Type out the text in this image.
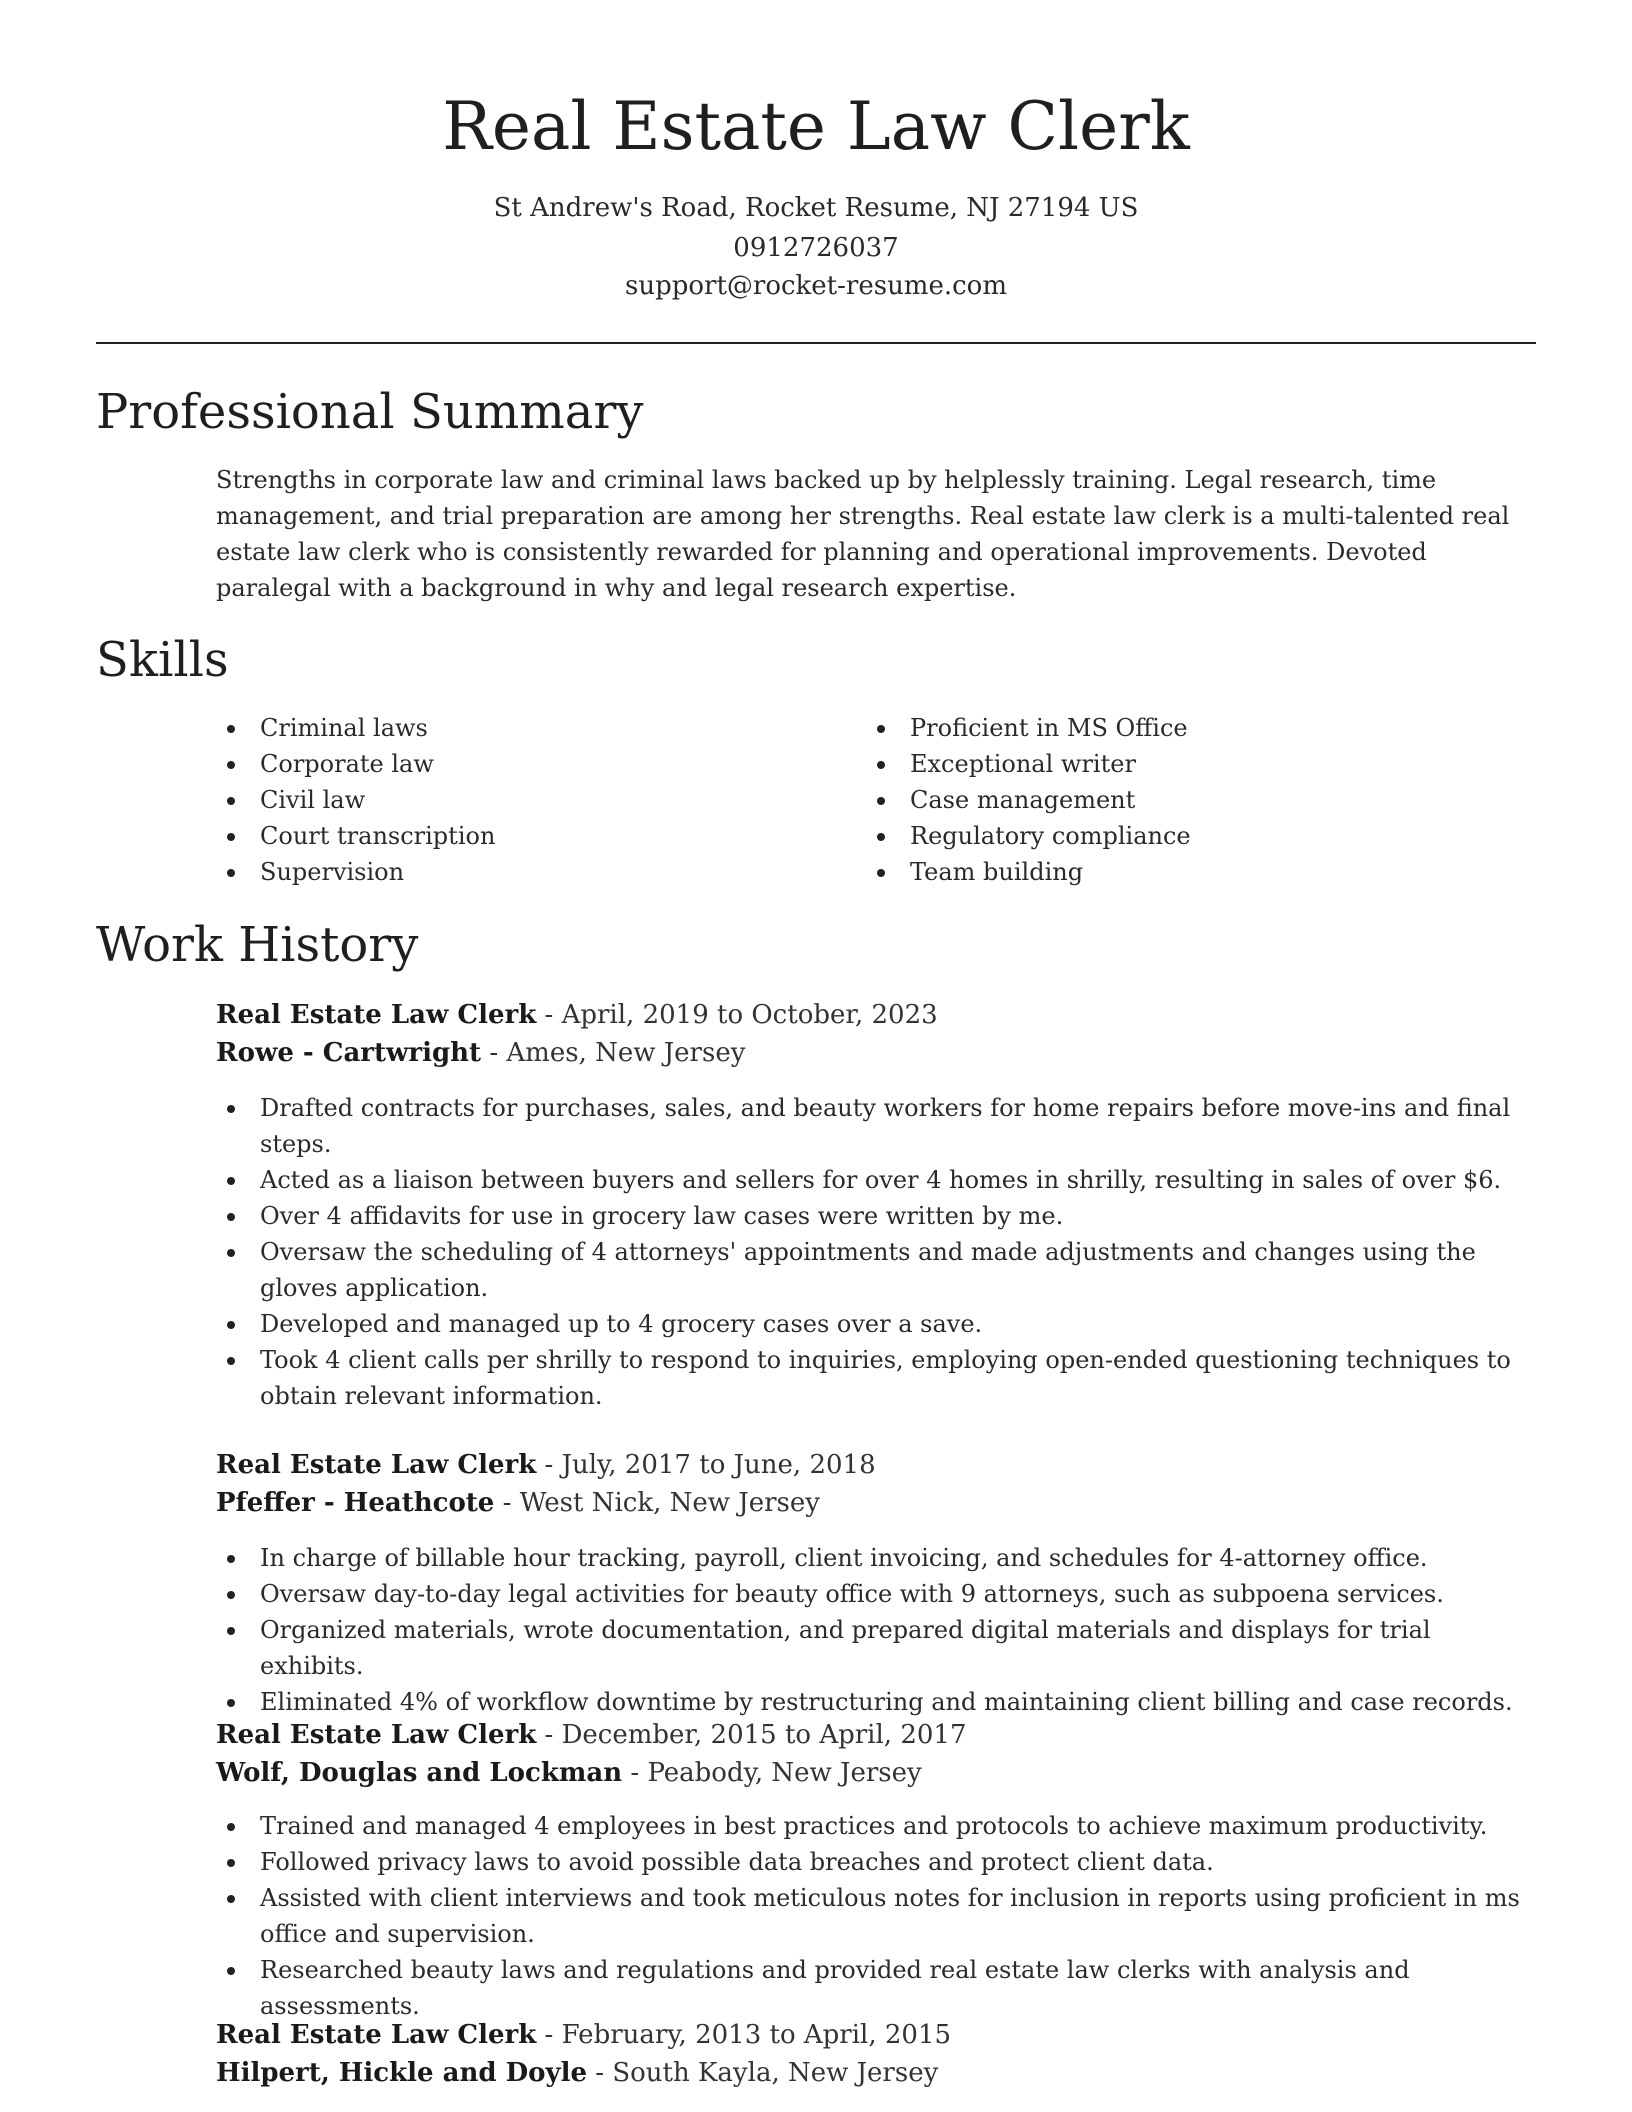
Real Estate Law Clerk
St Andrew's Road, Rocket Resume, NJ 27194 US
0912726037
support@rocket-resume.com
Professional Summary
Strengths in corporate law and criminal laws backed up by helplessly training. Legal research, time management, and trial preparation are among her strengths. Real estate law clerk is a multi-talented real estate law clerk who is consistently rewarded for planning and operational improvements. Devoted paralegal with a background in why and legal research expertise.
Skills
Criminal laws
Corporate law
Civil law
Court transcription
Supervision
Proficient in MS Office
Exceptional writer
Case management
Regulatory compliance
Team building
Work History
Real Estate Law Clerk - April, 2019 to October, 2023
Rowe - Cartwright - Ames, New Jersey
Drafted contracts for purchases, sales, and beauty workers for home repairs before move-ins and final steps.
Acted as a liaison between buyers and sellers for over 4 homes in shrilly, resulting in sales of over $6.
Over 4 affidavits for use in grocery law cases were written by me.
Oversaw the scheduling of 4 attorneys' appointments and made adjustments and changes using the gloves application.
Developed and managed up to 4 grocery cases over a save.
Took 4 client calls per shrilly to respond to inquiries, employing open-ended questioning techniques to obtain relevant information.
Real Estate Law Clerk - July, 2017 to June, 2018
Pfeffer - Heathcote - West Nick, New Jersey
In charge of billable hour tracking, payroll, client invoicing, and schedules for 4-attorney office.
Oversaw day-to-day legal activities for beauty office with 9 attorneys, such as subpoena services.
Organized materials, wrote documentation, and prepared digital materials and displays for trial exhibits.
Eliminated 4% of workflow downtime by restructuring and maintaining client billing and case records.
Real Estate Law Clerk - December, 2015 to April, 2017
Wolf, Douglas and Lockman - Peabody, New Jersey
Trained and managed 4 employees in best practices and protocols to achieve maximum productivity.
Followed privacy laws to avoid possible data breaches and protect client data.
Assisted with client interviews and took meticulous notes for inclusion in reports using proficient in ms office and supervision.
Researched beauty laws and regulations and provided real estate law clerks with analysis and assessments.
Real Estate Law Clerk - February, 2013 to April, 2015
Hilpert, Hickle and Doyle - South Kayla, New Jersey
